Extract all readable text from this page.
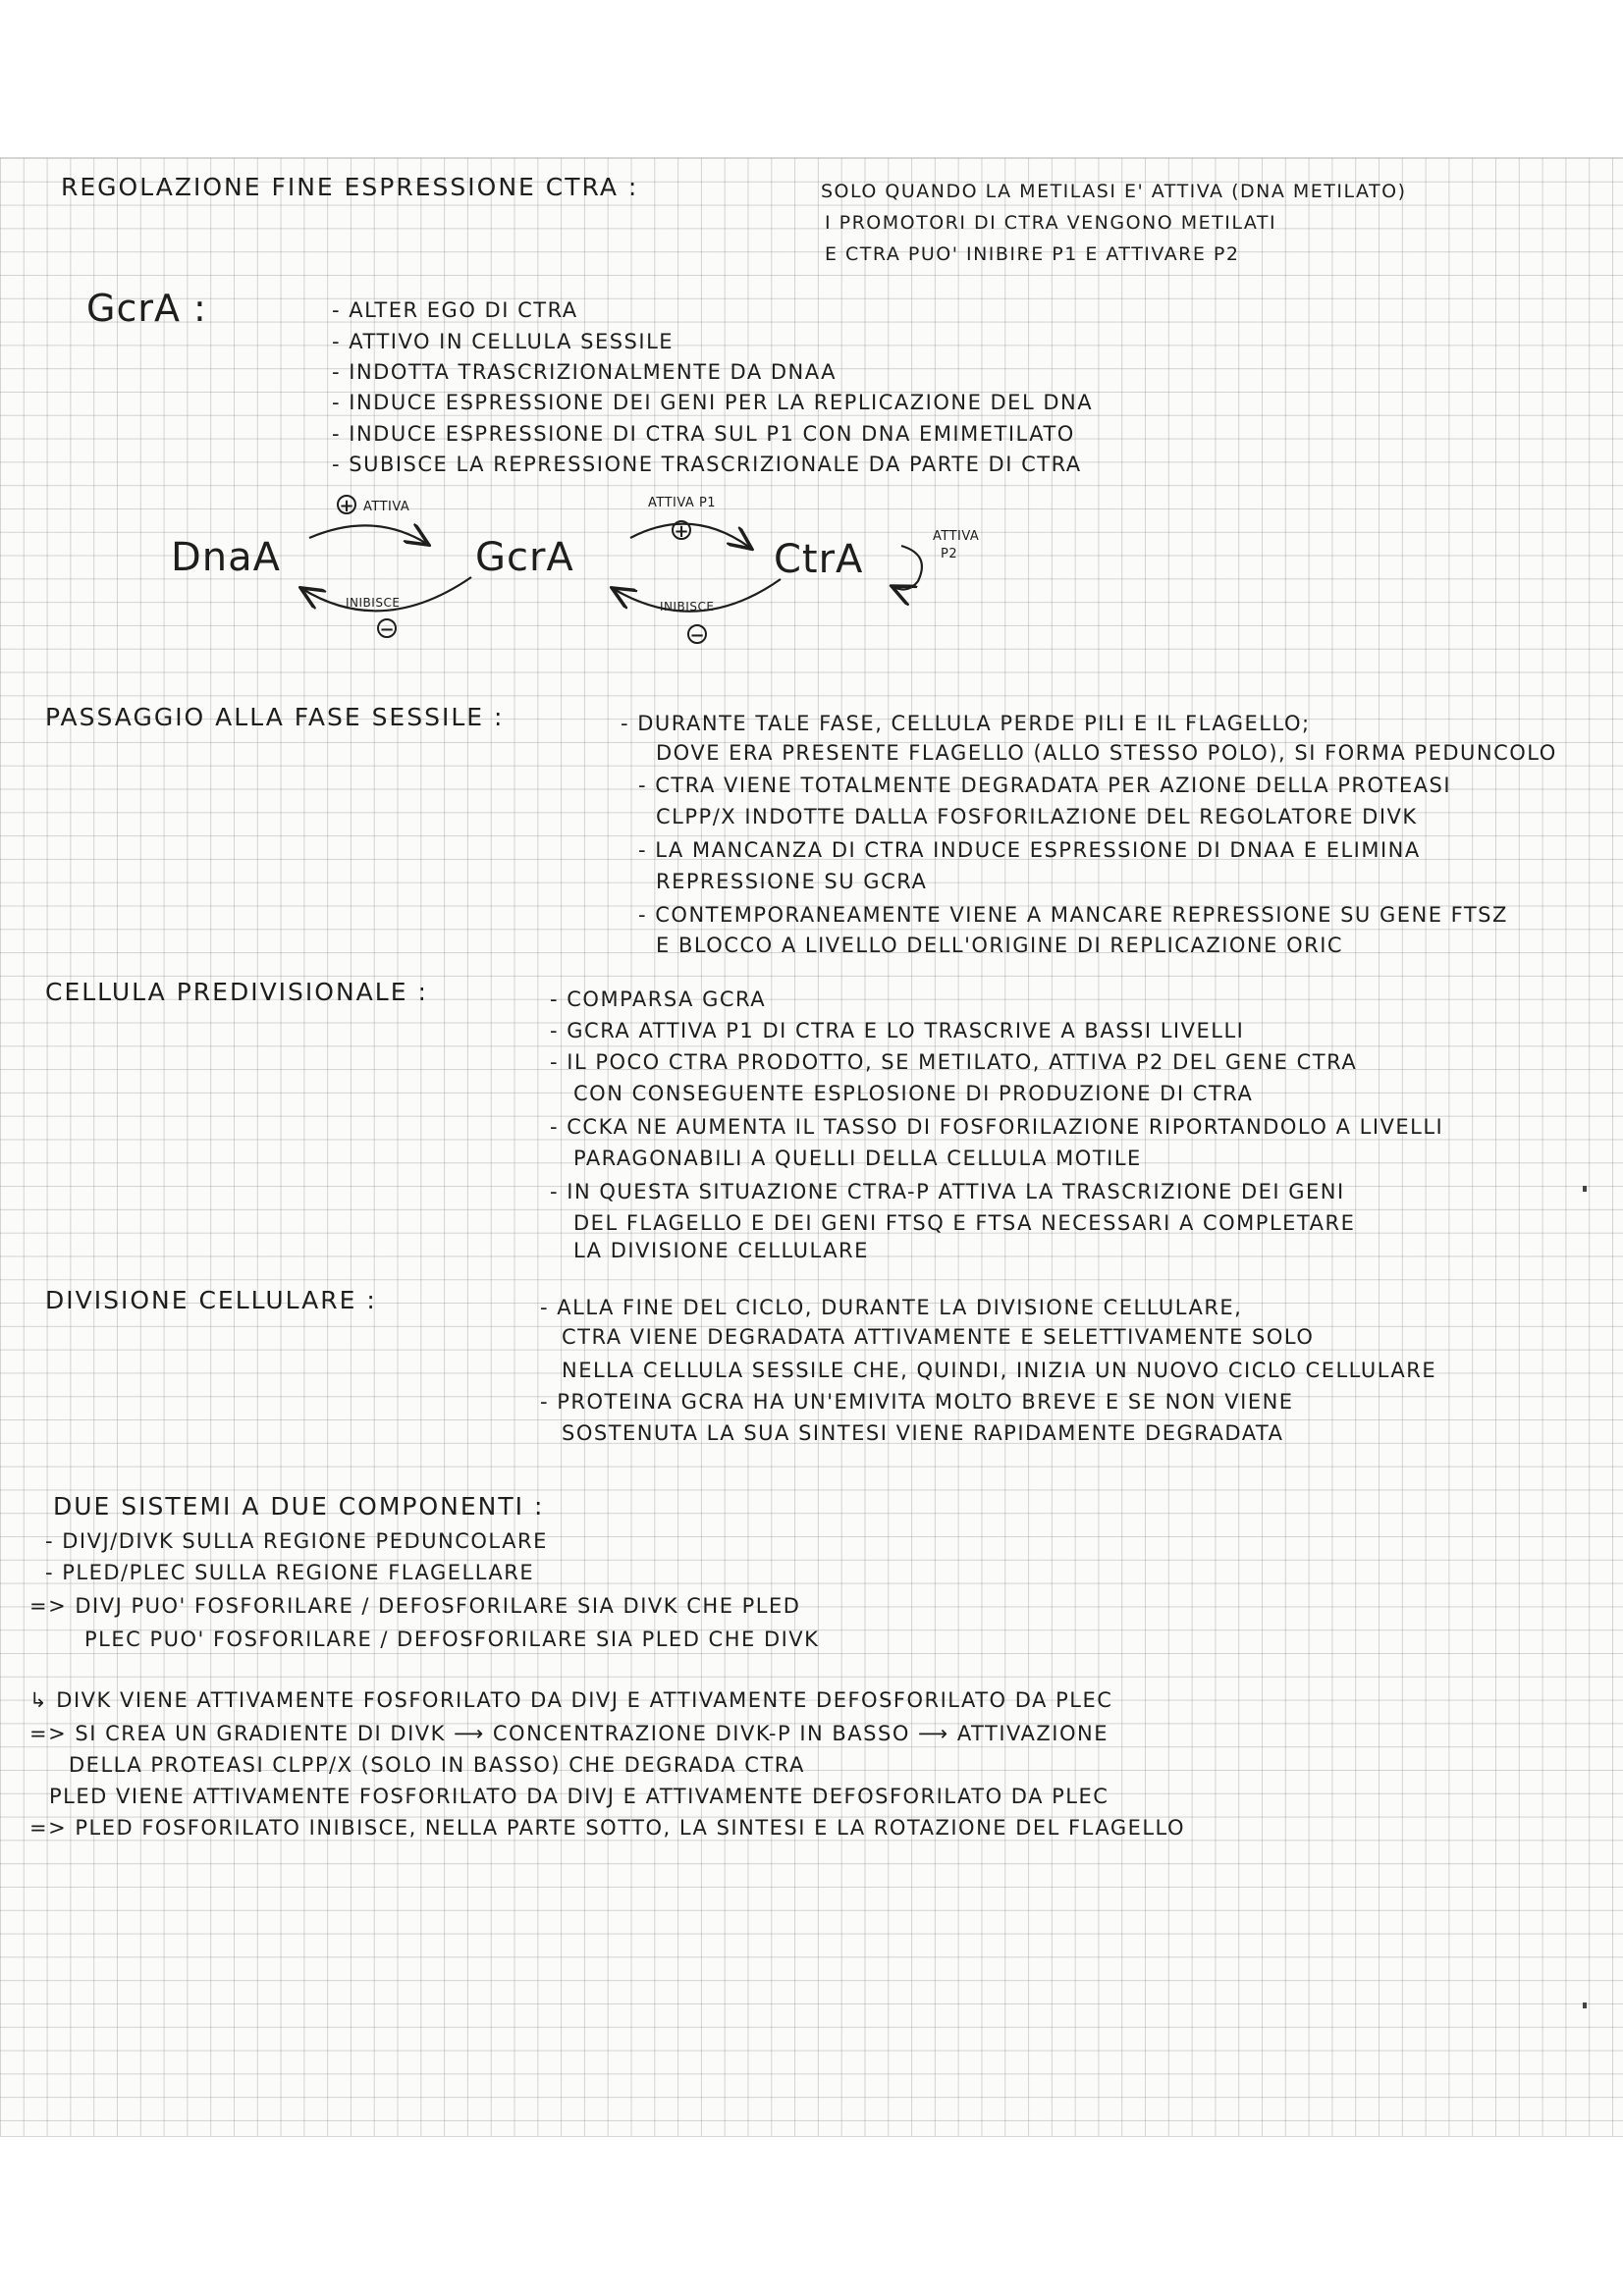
REGOLAZIONE FINE ESPRESSIONE CTRA :	SOLO QUANDO LA METILASI E' ATTIVA (DNA METILATO)
I PROMOTORI DI CTRA VENGONO METILATI
E CTRA PUO' INIBIRE P1 E ATTIVARE P2
GcrA :	- ALTER EGO DI CTRA
- ATTIVO IN CELLULA SESSILE
- INDOTTA TRASCRIZIONALMENTE DA DNAA
- INDUCE ESPRESSIONE DEI GENI PER LA REPLICAZIONE DEL DNA
- INDUCE ESPRESSIONE DI CTRA SUL P1 CON DNA EMIMETILATO
- SUBISCE LA REPRESSIONE TRASCRIZIONALE DA PARTE DI CTRA
DnaA	GcrA	CtrA
+ ATTIVA	ATTIVA P1
+	ATTIVA
P2
INIBISCE
−
INIBISCE
−
PASSAGGIO ALLA FASE SESSILE :	- DURANTE TALE FASE, CELLULA PERDE PILI E IL FLAGELLO;
DOVE ERA PRESENTE FLAGELLO (ALLO STESSO POLO), SI FORMA PEDUNCOLO
- CTRA VIENE TOTALMENTE DEGRADATA PER AZIONE DELLA PROTEASI
CLPP/X INDOTTE DALLA FOSFORILAZIONE DEL REGOLATORE DIVK
- LA MANCANZA DI CTRA INDUCE ESPRESSIONE DI DNAA E ELIMINA
REPRESSIONE SU GCRA
- CONTEMPORANEAMENTE VIENE A MANCARE REPRESSIONE SU GENE FTSZ
E BLOCCO A LIVELLO DELL'ORIGINE DI REPLICAZIONE ORIC
CELLULA PREDIVISIONALE :	- COMPARSA GCRA
- GCRA ATTIVA P1 DI CTRA E LO TRASCRIVE A BASSI LIVELLI
- IL POCO CTRA PRODOTTO, SE METILATO, ATTIVA P2 DEL GENE CTRA
CON CONSEGUENTE ESPLOSIONE DI PRODUZIONE DI CTRA
- CCKA NE AUMENTA IL TASSO DI FOSFORILAZIONE RIPORTANDOLO A LIVELLI
PARAGONABILI A QUELLI DELLA CELLULA MOTILE
- IN QUESTA SITUAZIONE CTRA-P ATTIVA LA TRASCRIZIONE DEI GENI
DEL FLAGELLO E DEI GENI FTSQ E FTSA NECESSARI A COMPLETARE
LA DIVISIONE CELLULARE
DIVISIONE CELLULARE :	- ALLA FINE DEL CICLO, DURANTE LA DIVISIONE CELLULARE,
CTRA VIENE DEGRADATA ATTIVAMENTE E SELETTIVAMENTE SOLO
NELLA CELLULA SESSILE CHE, QUINDI, INIZIA UN NUOVO CICLO CELLULARE
- PROTEINA GCRA HA UN'EMIVITA MOLTO BREVE E SE NON VIENE
SOSTENUTA LA SUA SINTESI VIENE RAPIDAMENTE DEGRADATA
DUE SISTEMI A DUE COMPONENTI :
- DIVJ/DIVK SULLA REGIONE PEDUNCOLARE
- PLED/PLEC SULLA REGIONE FLAGELLARE
=> DIVJ PUO' FOSFORILARE / DEFOSFORILARE SIA DIVK CHE PLED
PLEC PUO' FOSFORILARE / DEFOSFORILARE SIA PLED CHE DIVK
↳ DIVK VIENE ATTIVAMENTE FOSFORILATO DA DIVJ E ATTIVAMENTE DEFOSFORILATO DA PLEC
=> SI CREA UN GRADIENTE DI DIVK ⟶ CONCENTRAZIONE DIVK-P IN BASSO ⟶ ATTIVAZIONE
DELLA PROTEASI CLPP/X (SOLO IN BASSO) CHE DEGRADA CTRA
PLED VIENE ATTIVAMENTE FOSFORILATO DA DIVJ E ATTIVAMENTE DEFOSFORILATO DA PLEC
=> PLED FOSFORILATO INIBISCE, NELLA PARTE SOTTO, LA SINTESI E LA ROTAZIONE DEL FLAGELLO
